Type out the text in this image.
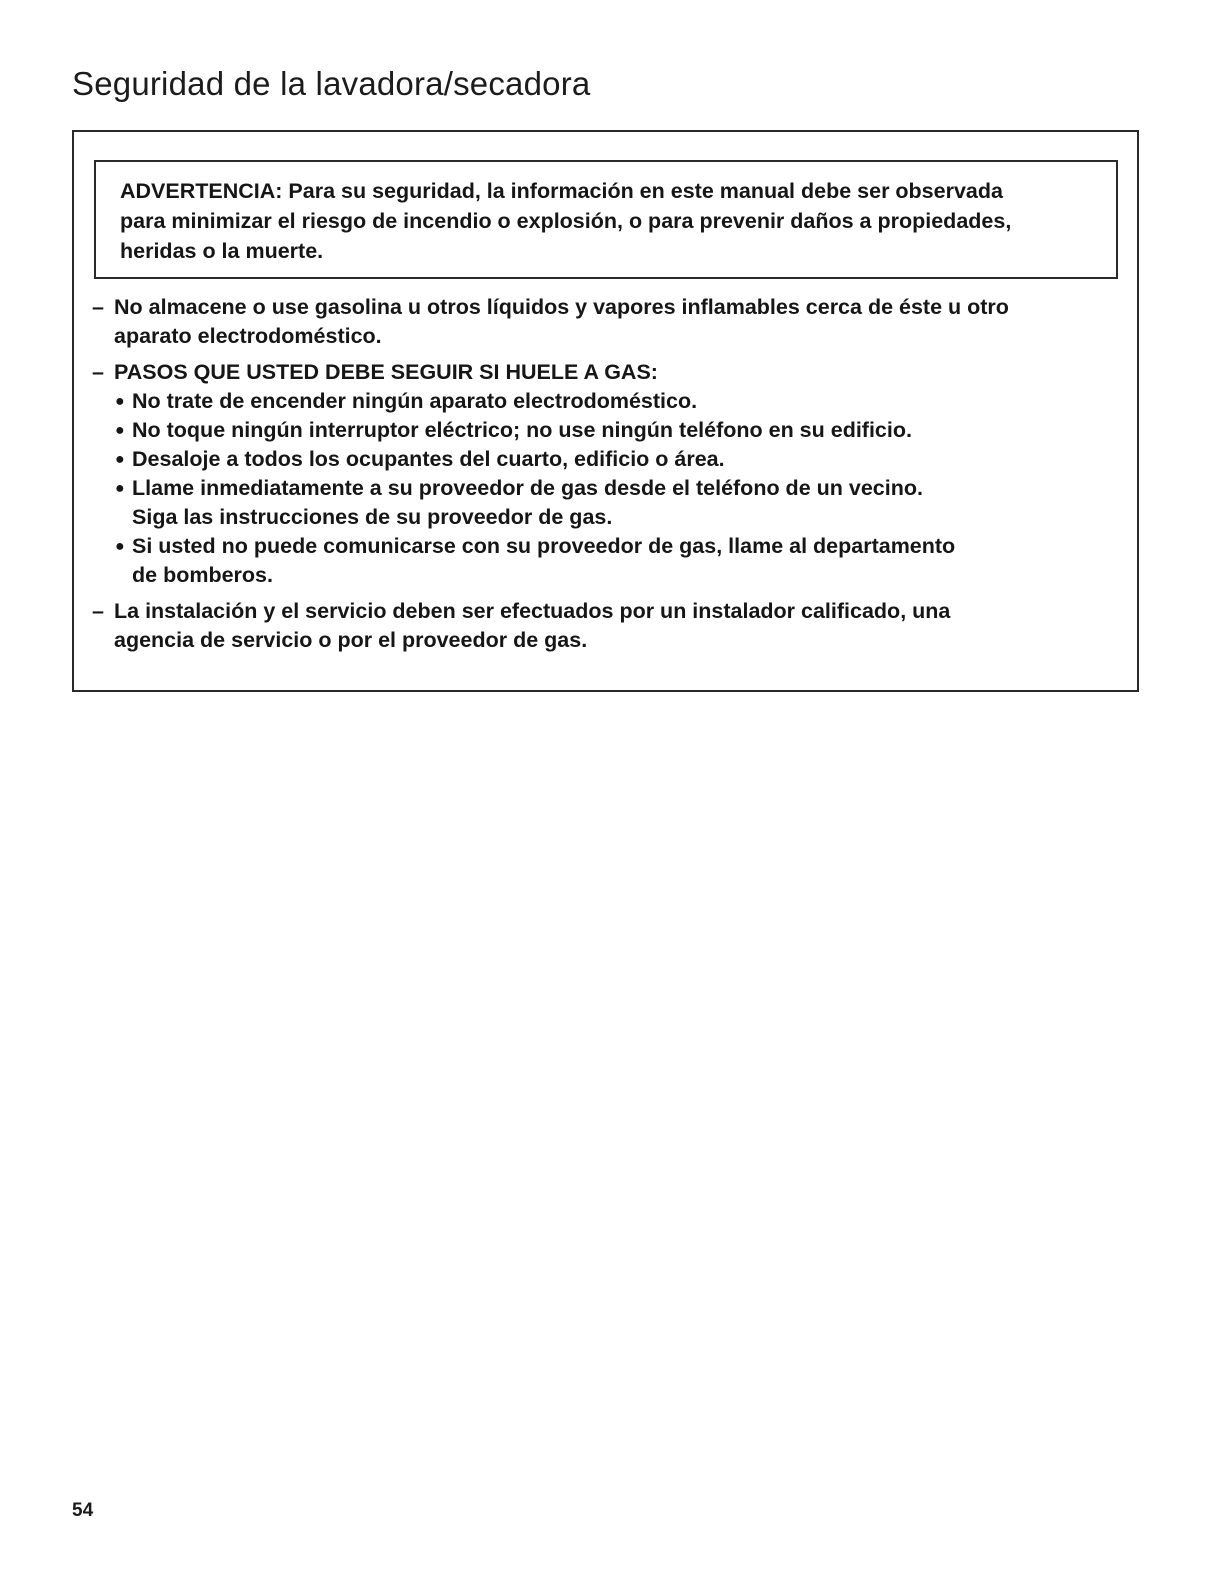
Seguridad de la lavadora/secadora
ADVERTENCIA: Para su seguridad, la información en este manual debe ser observada
para minimizar el riesgo de incendio o explosión, o para prevenir daños a propiedades,
heridas o la muerte.
– No almacene o use gasolina u otros líquidos y vapores inflamables cerca de éste u otro
aparato electrodoméstico.
– PASOS QUE USTED DEBE SEGUIR SI HUELE A GAS:
● No trate de encender ningún aparato electrodoméstico.
● No toque ningún interruptor eléctrico; no use ningún teléfono en su edificio.
● Desaloje a todos los ocupantes del cuarto, edificio o área.
● Llame inmediatamente a su proveedor de gas desde el teléfono de un vecino.
Siga las instrucciones de su proveedor de gas.
● Si usted no puede comunicarse con su proveedor de gas, llame al departamento
de bomberos.
– La instalación y el servicio deben ser efectuados por un instalador calificado, una
agencia de servicio o por el proveedor de gas.
54
